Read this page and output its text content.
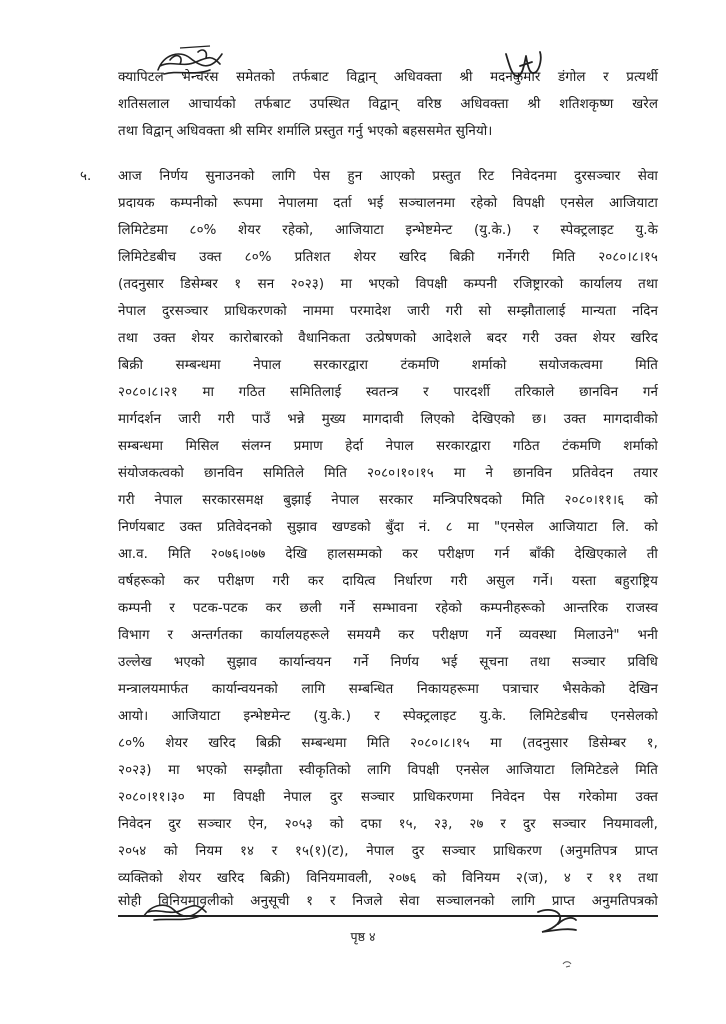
५.
क्यापिटल भेन्चरस समेतको तर्फबाट विद्वान् अधिवक्ता श्री मदनकुमार डंगोल र प्रत्यर्थी
शतिसलाल आचार्यको तर्फबाट उपस्थित विद्वान् वरिष्ठ अधिवक्ता श्री शतिशकृष्ण खरेल
तथा विद्वान् अधिवक्ता श्री समिर शर्मालि प्रस्तुत गर्नु भएको बहससमेत सुनियो।
आज निर्णय सुनाउनको लागि पेस हुन आएको प्रस्तुत रिट निवेदनमा दुरसञ्चार सेवा
प्रदायक कम्पनीको रूपमा नेपालमा दर्ता भई सञ्चालनमा रहेको विपक्षी एनसेल आजियाटा
लिमिटेडमा ८०% शेयर रहेको, आजियाटा इन्भेष्टमेन्ट (यु.के.) र स्पेक्ट्रलाइट यु.के
लिमिटेडबीच उक्त ८०% प्रतिशत शेयर खरिद बिक्री गर्नेगरी मिति २०८०।८।१५
(तदनुसार डिसेम्बर १ सन २०२३) मा भएको विपक्षी कम्पनी रजिष्ट्रारको कार्यालय तथा
नेपाल दुरसञ्चार प्राधिकरणको नाममा परमादेश जारी गरी सो सम्झौतालाई मान्यता नदिन
तथा उक्त शेयर कारोबारको वैधानिकता उत्प्रेषणको आदेशले बदर गरी उक्त शेयर खरिद
बिक्री सम्बन्धमा नेपाल सरकारद्वारा टंकमणि शर्माको सयोजकत्वमा मिति
२०८०।८।२१ मा गठित समितिलाई स्वतन्त्र र पारदर्शी तरिकाले छानविन गर्न
मार्गदर्शन जारी गरी पाउँ भन्ने मुख्य मागदावी लिएको देखिएको छ। उक्त मागदावीको
सम्बन्धमा मिसिल संलग्न प्रमाण हेर्दा नेपाल सरकारद्वारा गठित टंकमणि शर्माको
संयोजकत्वको छानविन समितिले मिति २०८०।१०।१५ मा ने छानविन प्रतिवेदन तयार
गरी नेपाल सरकारसमक्ष बुझाई नेपाल सरकार मन्त्रिपरिषदको मिति २०८०।११।६ को
निर्णयबाट उक्त प्रतिवेदनको सुझाव खण्डको बुँदा नं. ८ मा "एनसेल आजियाटा लि. को
आ.व. मिति २०७६।०७७ देखि हालसम्मको कर परीक्षण गर्न बाँकी देखिएकाले ती
वर्षहरूको कर परीक्षण गरी कर दायित्व निर्धारण गरी असुल गर्ने। यस्ता बहुराष्ट्रिय
कम्पनी र पटक-पटक कर छली गर्ने सम्भावना रहेको कम्पनीहरूको आन्तरिक राजस्व
विभाग र अन्तर्गतका कार्यालयहरूले समयमै कर परीक्षण गर्ने व्यवस्था मिलाउने" भनी
उल्लेख भएको सुझाव कार्यान्वयन गर्ने निर्णय भई सूचना तथा सञ्चार प्रविधि
मन्त्रालयमार्फत कार्यान्वयनको लागि सम्बन्धित निकायहरूमा पत्राचार भैसकेको देखिन
आयो। आजियाटा इन्भेष्टमेन्ट (यु.के.) र स्पेक्ट्रलाइट यु.के. लिमिटेडबीच एनसेलको
८०% शेयर खरिद बिक्री सम्बन्धमा मिति २०८०।८।१५ मा (तदनुसार डिसेम्बर १,
२०२३) मा भएको सम्झौता स्वीकृतिको लागि विपक्षी एनसेल आजियाटा लिमिटेडले मिति
२०८०।११।३० मा विपक्षी नेपाल दुर सञ्चार प्राधिकरणमा निवेदन पेस गरेकोमा उक्त
निवेदन दुर सञ्चार ऐन, २०५३ को दफा १५, २३, २७ र दुर सञ्चार नियमावली,
२०५४ को नियम १४ र १५(१)(ट), नेपाल दुर सञ्चार प्राधिकरण (अनुमतिपत्र प्राप्त
व्यक्तिको शेयर खरिद बिक्री) विनियमावली, २०७६ को विनियम २(ज), ४ र ११ तथा
सोही विनियमावलीको अनुसूची १ र निजले सेवा सञ्चालनको लागि प्राप्त अनुमतिपत्रको
पृष्ठ ४
